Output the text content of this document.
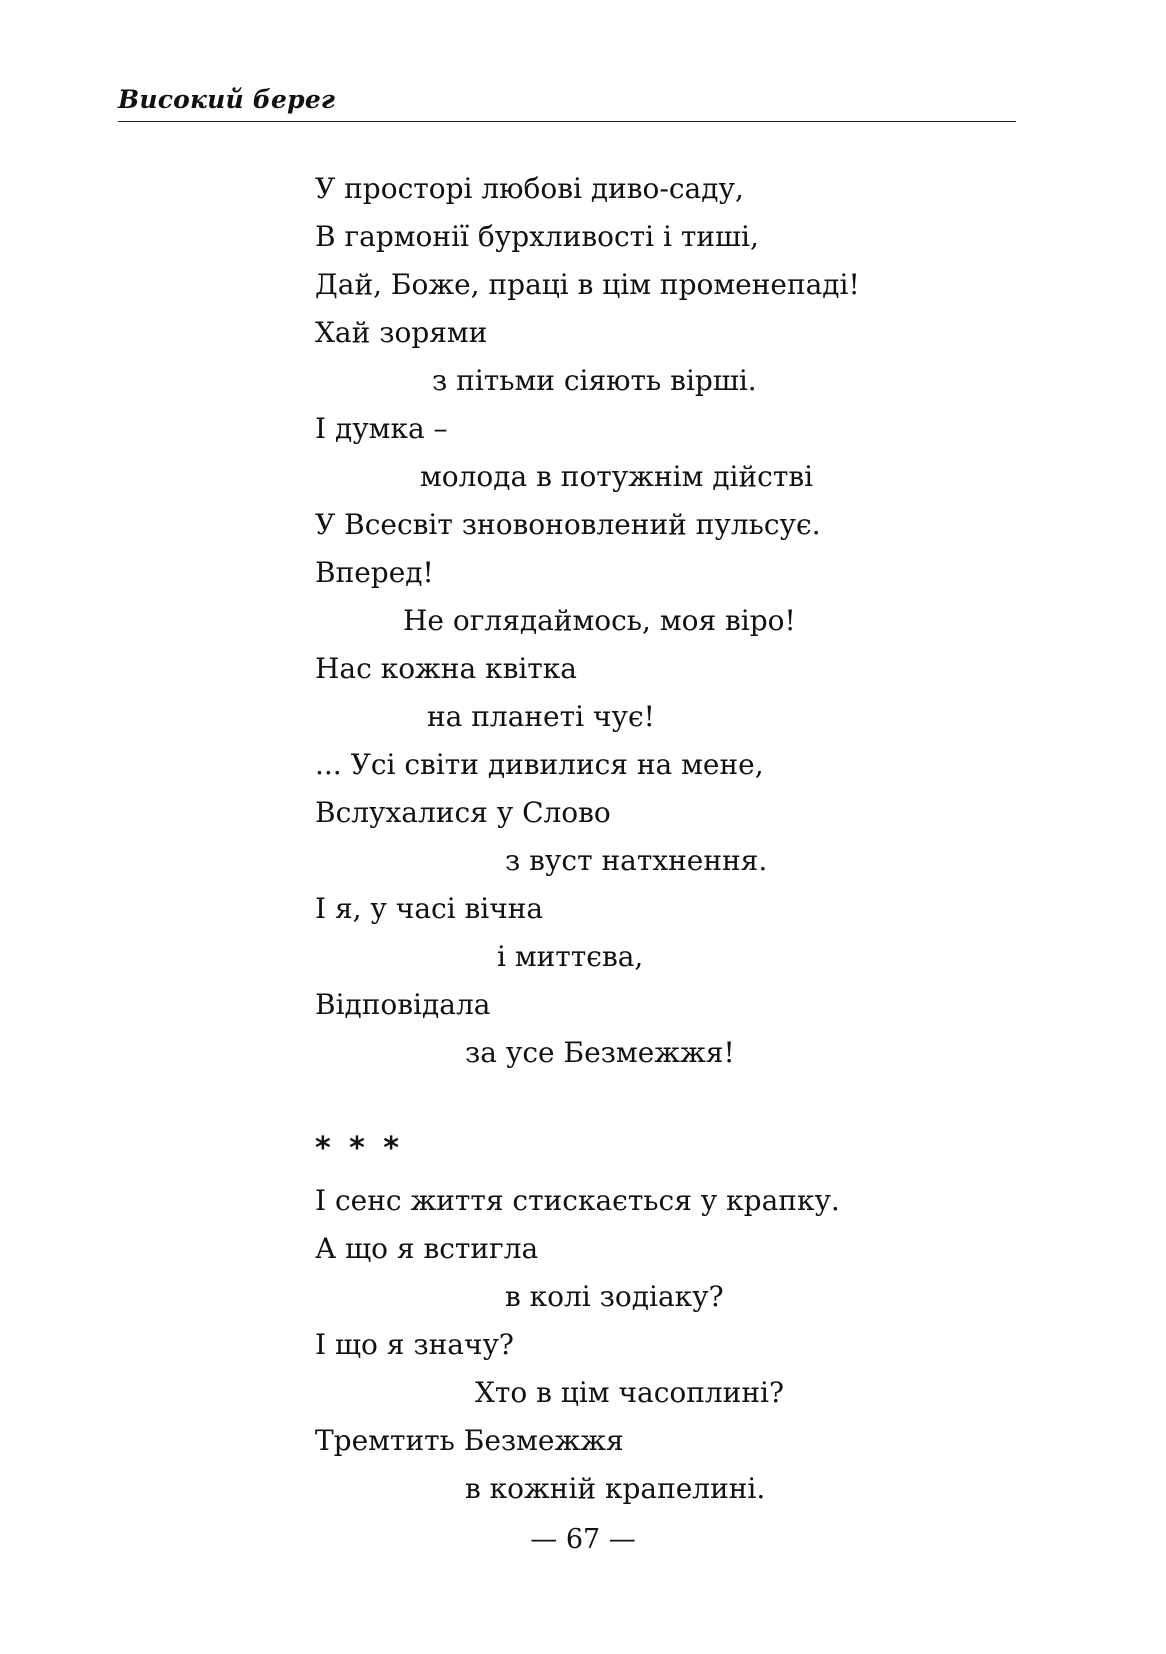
Високий берег
У просторі любові диво-саду,
В гармонії бурхливості і тиші,
Дай, Боже, праці в цім променепаді!
Хай зорями
з пітьми сіяють вірші.
І думка –
молода в потужнім дійстві
У Всесвіт зновоновлений пульсує.
Вперед!
Не оглядаймось, моя віро!
Нас кожна квітка
на планеті чує!
... Усі світи дивилися на мене,
Вслухалися у Слово
з вуст натхнення.
І я, у часі вічна
і миттєва,
Відповідала
за усе Безмежжя!
* * *
І сенс життя стискається у крапку.
А що я встигла
в колі зодіаку?
І що я значу?
Хто в цім часоплині?
Тремтить Безмежжя
в кожній крапелині.
— 67 —
